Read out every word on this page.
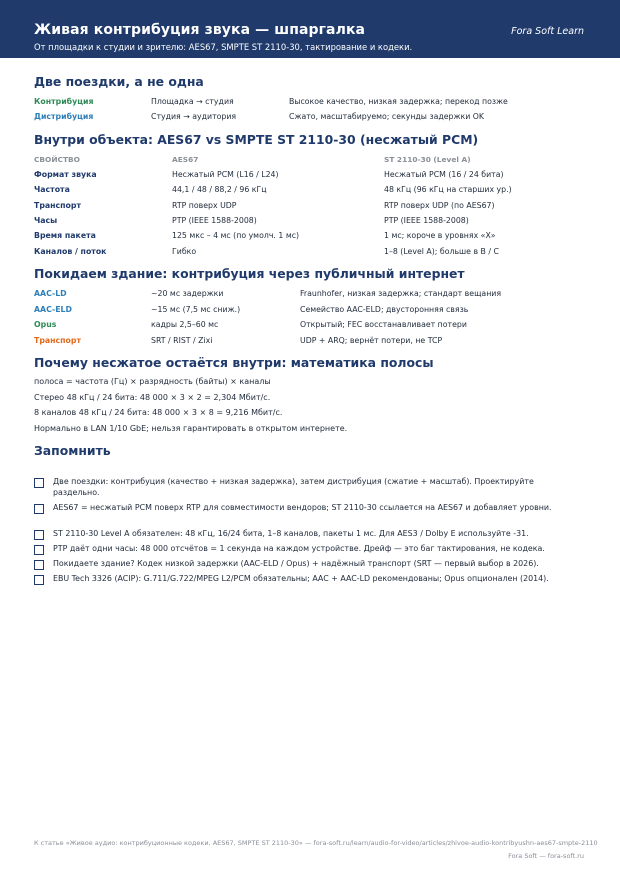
Живая контрибуция звука — шпаргалка	Fora Soft Learn
От площадки к студии и зрителю: AES67, SMPTE ST 2110-30, тактирование и кодеки.
Две поездки, а не одна
Контрибуция	Площадка → студия	Высокое качество, низкая задержка; перекод позже
Дистрибуция	Студия → аудитория	Сжато, масштабируемо; секунды задержки OK
Внутри объекта: AES67 vs SMPTE ST 2110-30 (несжатый PCM)
СВОЙСТВО	AES67	ST 2110-30 (Level A)
Формат звука	Несжатый PCM (L16 / L24)	Несжатый PCM (16 / 24 бита)
Частота	44,1 / 48 / 88,2 / 96 кГц	48 кГц (96 кГц на старших ур.)
Транспорт	RTP поверх UDP	RTP поверх UDP (по AES67)
Часы	PTP (IEEE 1588-2008)	PTP (IEEE 1588-2008)
Время пакета	125 мкс – 4 мс (по умолч. 1 мс)	1 мс; короче в уровнях «X»
Каналов / поток	Гибко	1–8 (Level A); больше в B / C
Покидаем здание: контрибуция через публичный интернет
AAC-LD	~20 мс задержки	Fraunhofer, низкая задержка; стандарт вещания
AAC-ELD	~15 мс (7,5 мс сниж.)	Семейство AAC-ELD; двусторонняя связь
Opus	кадры 2,5–60 мс	Открытый; FEC восстанавливает потери
Транспорт	SRT / RIST / Zixi	UDP + ARQ; вернёт потери, не TCP
Почему несжатое остаётся внутри: математика полосы
полоса = частота (Гц) × разрядность (байты) × каналы
Стерео 48 кГц / 24 бита: 48 000 × 3 × 2 = 2,304 Мбит/с.
8 каналов 48 кГц / 24 бита: 48 000 × 3 × 8 = 9,216 Мбит/с.
Нормально в LAN 1/10 GbE; нельзя гарантировать в открытом интернете.
Запомнить
Две поездки: контрибуция (качество + низкая задержка), затем дистрибуция (сжатие + масштаб). Проектируйте раздельно.
AES67 = несжатый PCM поверх RTP для совместимости вендоров; ST 2110-30 ссылается на AES67 и добавляет уровни.
ST 2110-30 Level A обязателен: 48 кГц, 16/24 бита, 1–8 каналов, пакеты 1 мс. Для AES3 / Dolby E используйте -31.
PTP даёт одни часы: 48 000 отсчётов = 1 секунда на каждом устройстве. Дрейф — это баг тактирования, не кодека.
Покидаете здание? Кодек низкой задержки (AAC-ELD / Opus) + надёжный транспорт (SRT — первый выбор в 2026).
EBU Tech 3326 (ACIP): G.711/G.722/MPEG L2/PCM обязательны; AAC + AAC-LD рекомендованы; Opus опционален (2014).
К статье «Живое аудио: контрибуционные кодеки, AES67, SMPTE ST 2110-30» — fora-soft.ru/learn/audio-for-video/articles/zhivoe-audio-kontribyushn-aes67-smpte-2110
Fora Soft — fora-soft.ru
